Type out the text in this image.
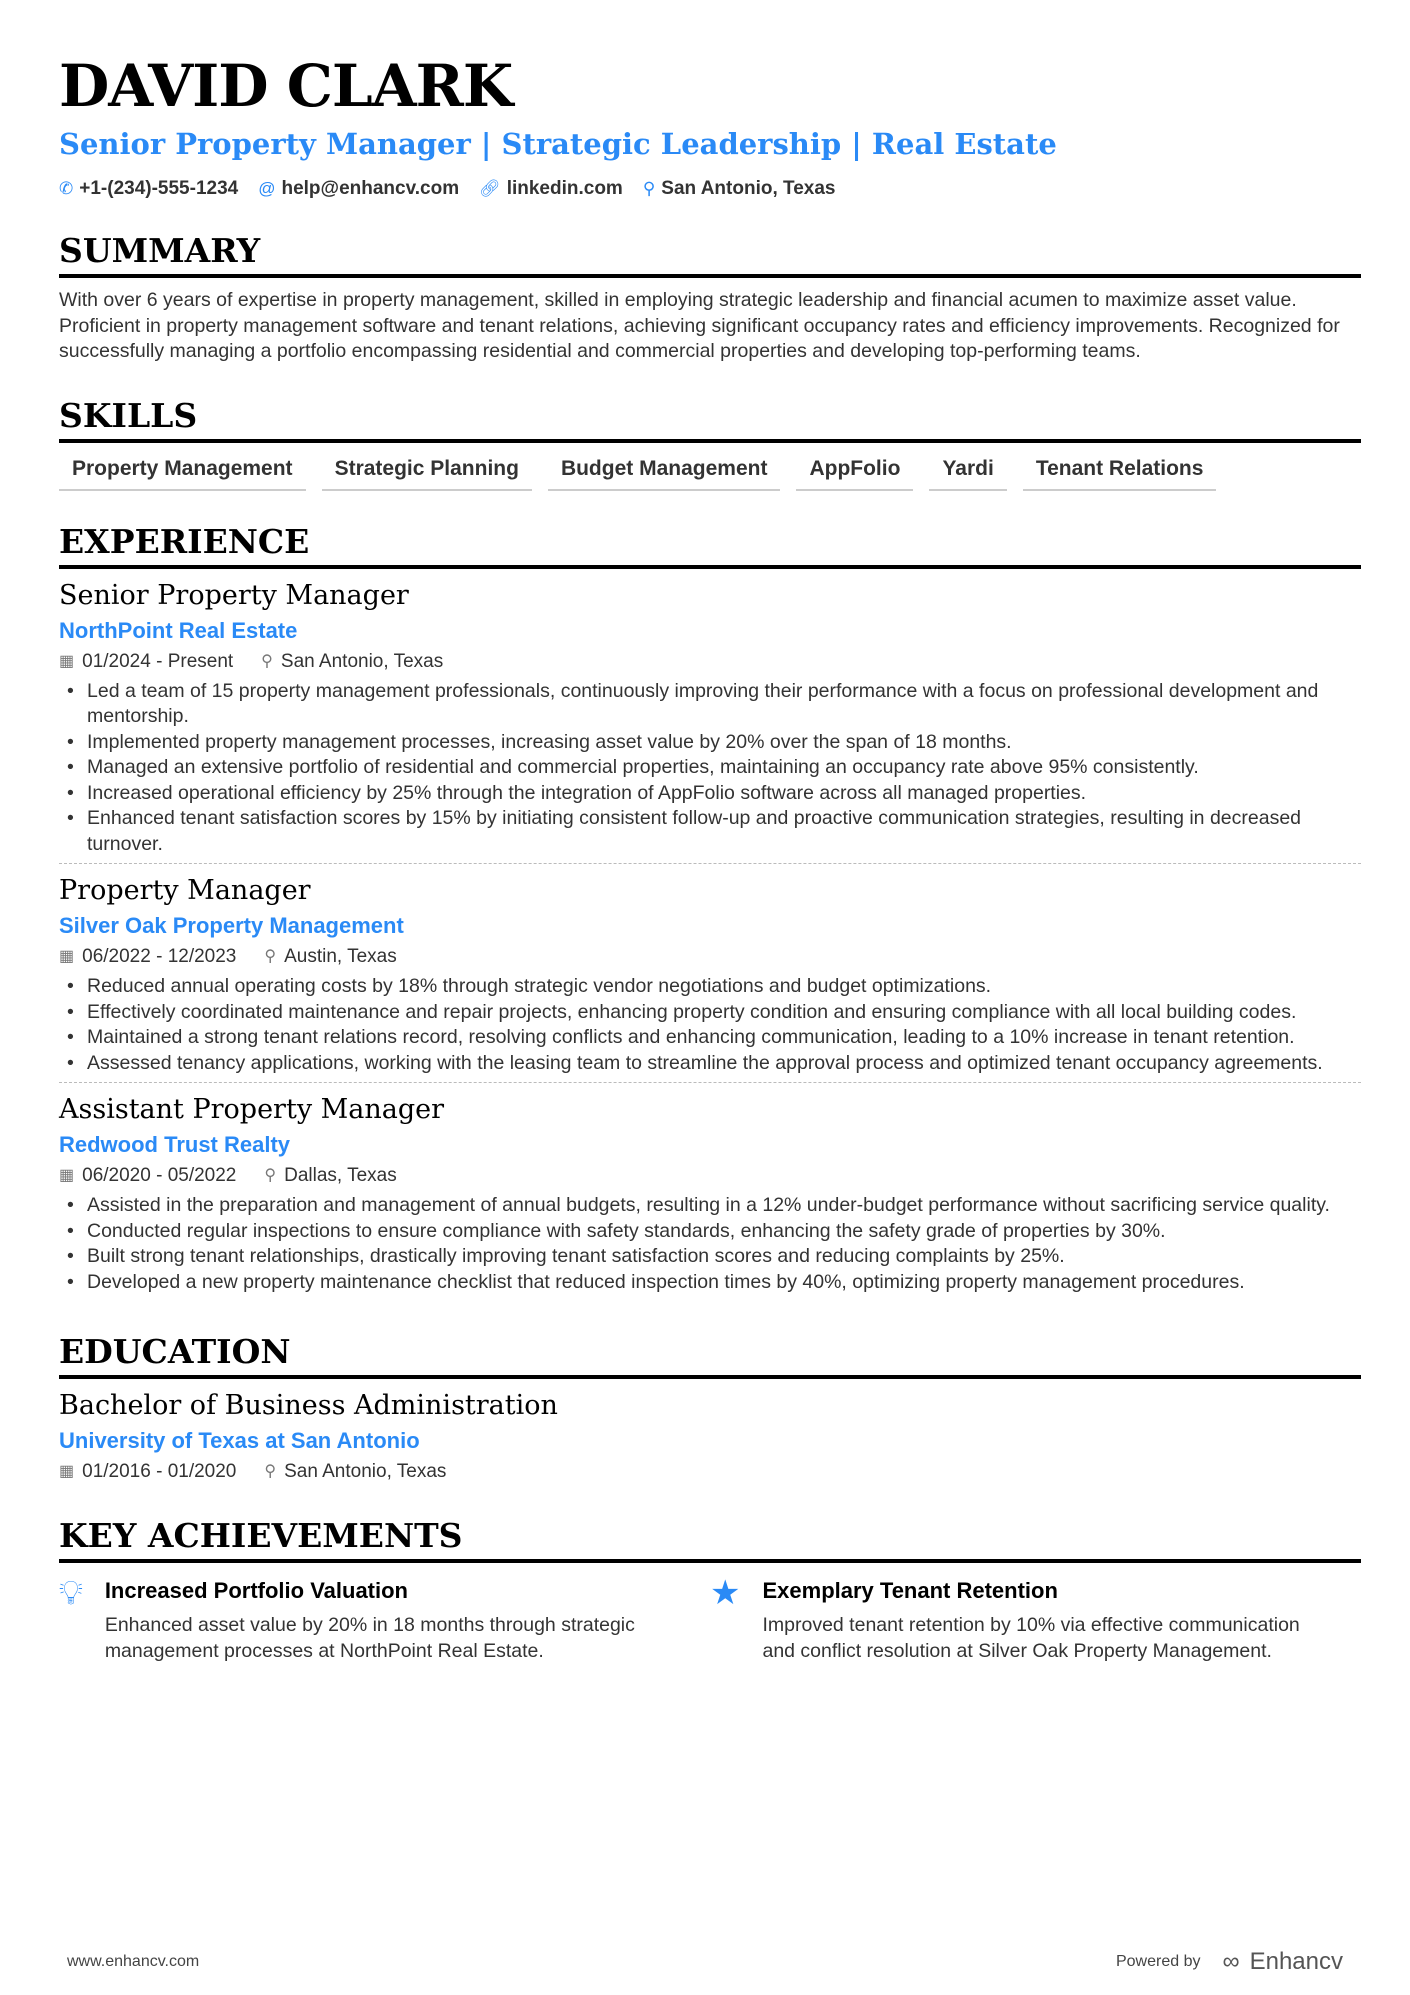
DAVID CLARK
Senior Property Manager | Strategic Leadership | Real Estate
✆ +1-(234)-555-1234 @ help@enhancv.com 🔗︎ linkedin.com ⚲ San Antonio, Texas
SUMMARY

With over 6 years of expertise in property management, skilled in employing strategic leadership and financial acumen to maximize asset value. Proficient in property management software and tenant relations, achieving significant occupancy rates and efficiency improvements. Recognized for successfully managing a portfolio encompassing residential and commercial properties and developing top-performing teams.

SKILLS
Property Management	Strategic Planning	Budget Management	AppFolio	Yardi	Tenant Relations
EXPERIENCE
Senior Property Manager
NorthPoint Real Estate
▦ 01/2024 - Present ⚲ San Antonio, Texas
• Led a team of 15 property management professionals, continuously improving their performance with a focus on professional development and mentorship.
• Implemented property management processes, increasing asset value by 20% over the span of 18 months.
• Managed an extensive portfolio of residential and commercial properties, maintaining an occupancy rate above 95% consistently.
• Increased operational efficiency by 25% through the integration of AppFolio software across all managed properties.
• Enhanced tenant satisfaction scores by 15% by initiating consistent follow-up and proactive communication strategies, resulting in decreased turnover.
Property Manager
Silver Oak Property Management
▦ 06/2022 - 12/2023 ⚲ Austin, Texas
• Reduced annual operating costs by 18% through strategic vendor negotiations and budget optimizations.
• Effectively coordinated maintenance and repair projects, enhancing property condition and ensuring compliance with all local building codes.
• Maintained a strong tenant relations record, resolving conflicts and enhancing communication, leading to a 10% increase in tenant retention.
• Assessed tenancy applications, working with the leasing team to streamline the approval process and optimized tenant occupancy agreements.
Assistant Property Manager
Redwood Trust Realty
▦ 06/2020 - 05/2022 ⚲ Dallas, Texas
• Assisted in the preparation and management of annual budgets, resulting in a 12% under-budget performance without sacrificing service quality.
• Conducted regular inspections to ensure compliance with safety standards, enhancing the safety grade of properties by 30%.
• Built strong tenant relationships, drastically improving tenant satisfaction scores and reducing complaints by 25%.
• Developed a new property maintenance checklist that reduced inspection times by 40%, optimizing property management procedures.
EDUCATION
Bachelor of Business Administration
University of Texas at San Antonio
▦ 01/2016 - 01/2020 ⚲ San Antonio, Texas
KEY ACHIEVEMENTS
💡︎ Increased Portfolio Valuation

Enhanced asset value by 20% in 18 months through strategic management processes at NorthPoint Real Estate.

★ Exemplary Tenant Retention

Improved tenant retention by 10% via effective communication and conflict resolution at Silver Oak Property Management.

www.enhancv.com	Powered by ∞ Enhancv
